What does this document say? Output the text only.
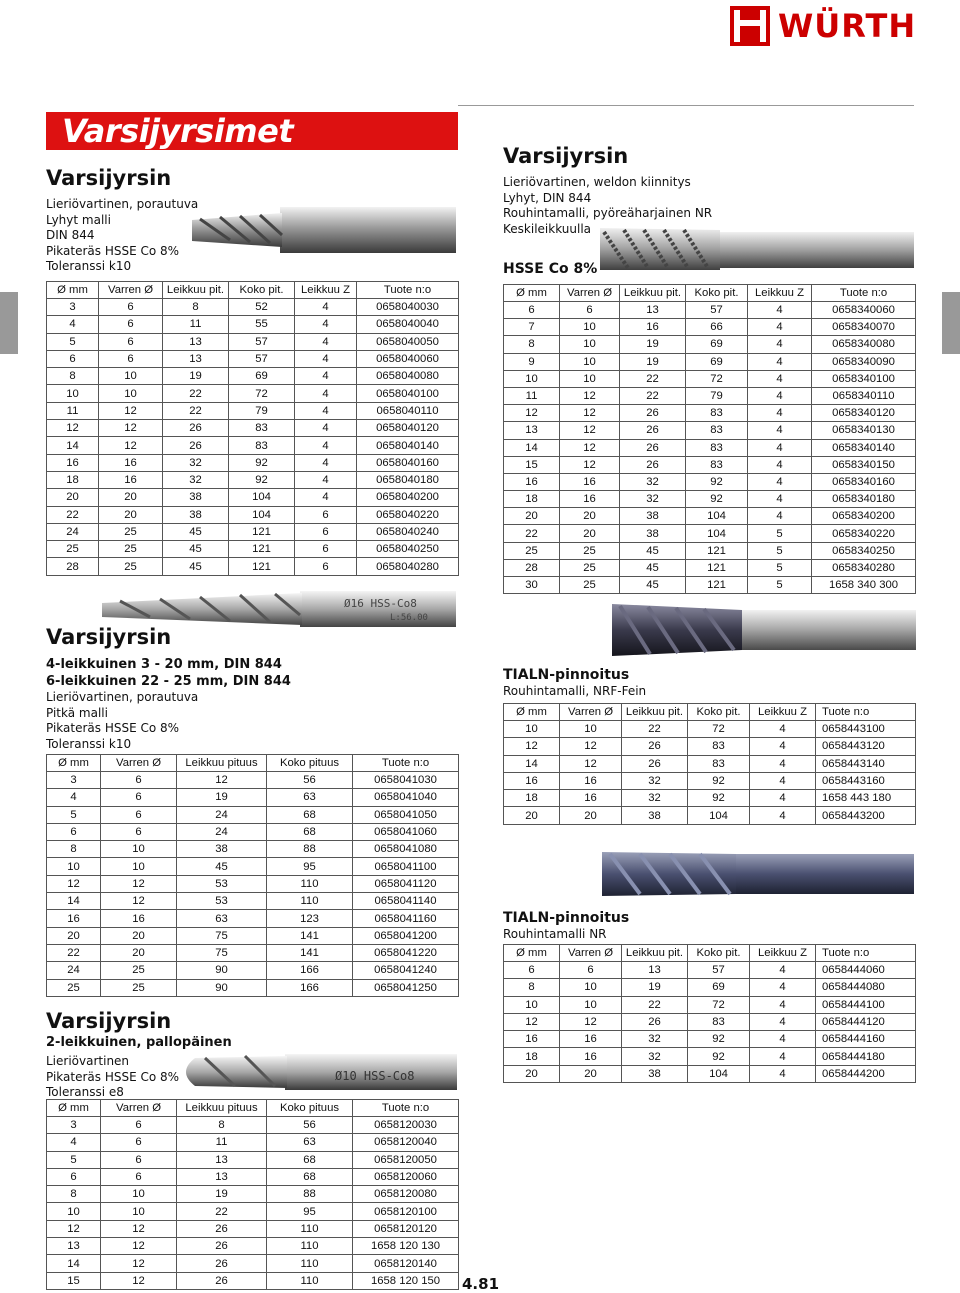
WÜRTH
Varsijyrsimet
Varsijyrsin
Lieriövartinen, porautuva
Lyhyt malli
DIN 844
Pikateräs HSSE Co 8%
Toleranssi k10
Ø mm	Varren Ø	Leikkuu pit.	Koko pit.	Leikkuu Z	Tuote n:o
3	6	8	52	4	0658040030
4	6	11	55	4	0658040040
5	6	13	57	4	0658040050
6	6	13	57	4	0658040060
8	10	19	69	4	0658040080
10	10	22	72	4	0658040100
11	12	22	79	4	0658040110
12	12	26	83	4	0658040120
14	12	26	83	4	0658040140
16	16	32	92	4	0658040160
18	16	32	92	4	0658040180
20	20	38	104	4	0658040200
22	20	38	104	6	0658040220
24	25	45	121	6	0658040240
25	25	45	121	6	0658040250
28	25	45	121	6	0658040280
Ø16 HSS-Co8
L:56.00
Varsijyrsin
4-leikkuinen 3 - 20 mm, DIN 844
6-leikkuinen 22 - 25 mm, DIN 844
Lieriövartinen, porautuva
Pitkä malli
Pikateräs HSSE Co 8%
Toleranssi k10
Ø mm	Varren Ø	Leikkuu pituus	Koko pituus	Tuote n:o
3	6	12	56	0658041030
4	6	19	63	0658041040
5	6	24	68	0658041050
6	6	24	68	0658041060
8	10	38	88	0658041080
10	10	45	95	0658041100
12	12	53	110	0658041120
14	12	53	110	0658041140
16	16	63	123	0658041160
20	20	75	141	0658041200
22	20	75	141	0658041220
24	25	90	166	0658041240
25	25	90	166	0658041250
Ø10 HSS-Co8
Varsijyrsin
2-leikkuinen, pallopäinen
Lieriövartinen
Pikateräs HSSE Co 8%
Toleranssi e8
Ø mm	Varren Ø	Leikkuu pituus	Koko pituus	Tuote n:o
3	6	8	56	0658120030
4	6	11	63	0658120040
5	6	13	68	0658120050
6	6	13	68	0658120060
8	10	19	88	0658120080
10	10	22	95	0658120100
12	12	26	110	0658120120
13	12	26	110	1658 120 130
14	12	26	110	0658120140
15	12	26	110	1658 120 150 4.81
Varsijyrsin
Lieriövartinen, weldon kiinnitys
Lyhyt, DIN 844
Rouhintamalli, pyöreäharjainen NR
Keskileikkuulla
HSSE Co 8%
Ø mm	Varren Ø	Leikkuu pit.	Koko pit.	Leikkuu Z	Tuote n:o
6	6	13	57	4	0658340060
7	10	16	66	4	0658340070
8	10	19	69	4	0658340080
9	10	19	69	4	0658340090
10	10	22	72	4	0658340100
11	12	22	79	4	0658340110
12	12	26	83	4	0658340120
13	12	26	83	4	0658340130
14	12	26	83	4	0658340140
15	12	26	83	4	0658340150
16	16	32	92	4	0658340160
18	16	32	92	4	0658340180
20	20	38	104	4	0658340200
22	20	38	104	5	0658340220
25	25	45	121	5	0658340250
28	25	45	121	5	0658340280
30	25	45	121	5	1658 340 300
TIALN-pinnoitus
Rouhintamalli, NRF-Fein
Ø mm	Varren Ø	Leikkuu pit.	Koko pit.	Leikkuu Z	Tuote n:o
10	10	22	72	4	0658443100
12	12	26	83	4	0658443120
14	12	26	83	4	0658443140
16	16	32	92	4	0658443160
18	16	32	92	4	1658 443 180
20	20	38	104	4	0658443200
TIALN-pinnoitus
Rouhintamalli NR
Ø mm	Varren Ø	Leikkuu pit.	Koko pit.	Leikkuu Z	Tuote n:o
6	6	13	57	4	0658444060
8	10	19	69	4	0658444080
10	10	22	72	4	0658444100
12	12	26	83	4	0658444120
16	16	32	92	4	0658444160
18	16	32	92	4	0658444180
20	20	38	104	4	0658444200
